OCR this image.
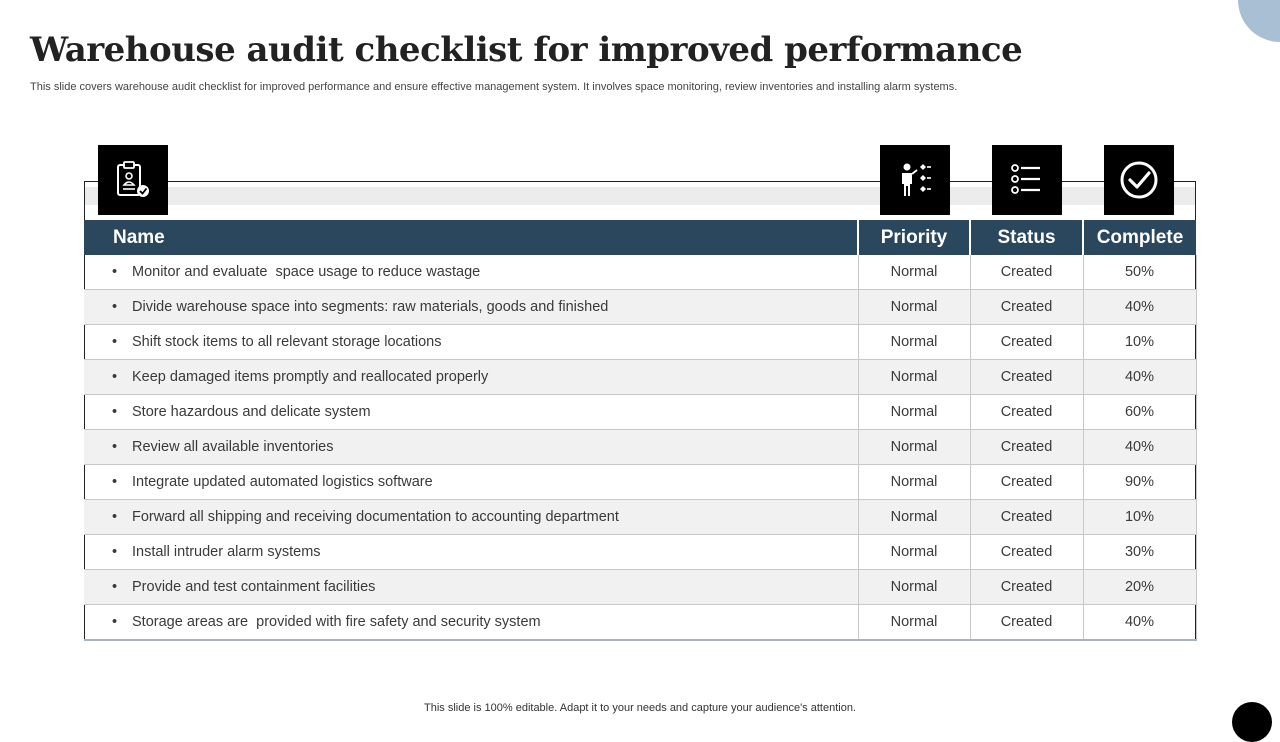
Warehouse audit checklist for improved performance

This slide covers warehouse audit checklist for improved performance and ensure effective management system. It involves space monitoring, review inventories and installing alarm systems.

Name	Priority	Status	Complete
• Monitor and evaluate  space usage to reduce wastage	Normal	Created	50%
• Divide warehouse space into segments: raw materials, goods and finished	Normal	Created	40%
• Shift stock items to all relevant storage locations	Normal	Created	10%
• Keep damaged items promptly and reallocated properly	Normal	Created	40%
• Store hazardous and delicate system	Normal	Created	60%
• Review all available inventories	Normal	Created	40%
• Integrate updated automated logistics software	Normal	Created	90%
• Forward all shipping and receiving documentation to accounting department	Normal	Created	10%
• Install intruder alarm systems	Normal	Created	30%
• Provide and test containment facilities	Normal	Created	20%
• Storage areas are  provided with fire safety and security system	Normal	Created	40%

This slide is 100% editable. Adapt it to your needs and capture your audience's attention.
